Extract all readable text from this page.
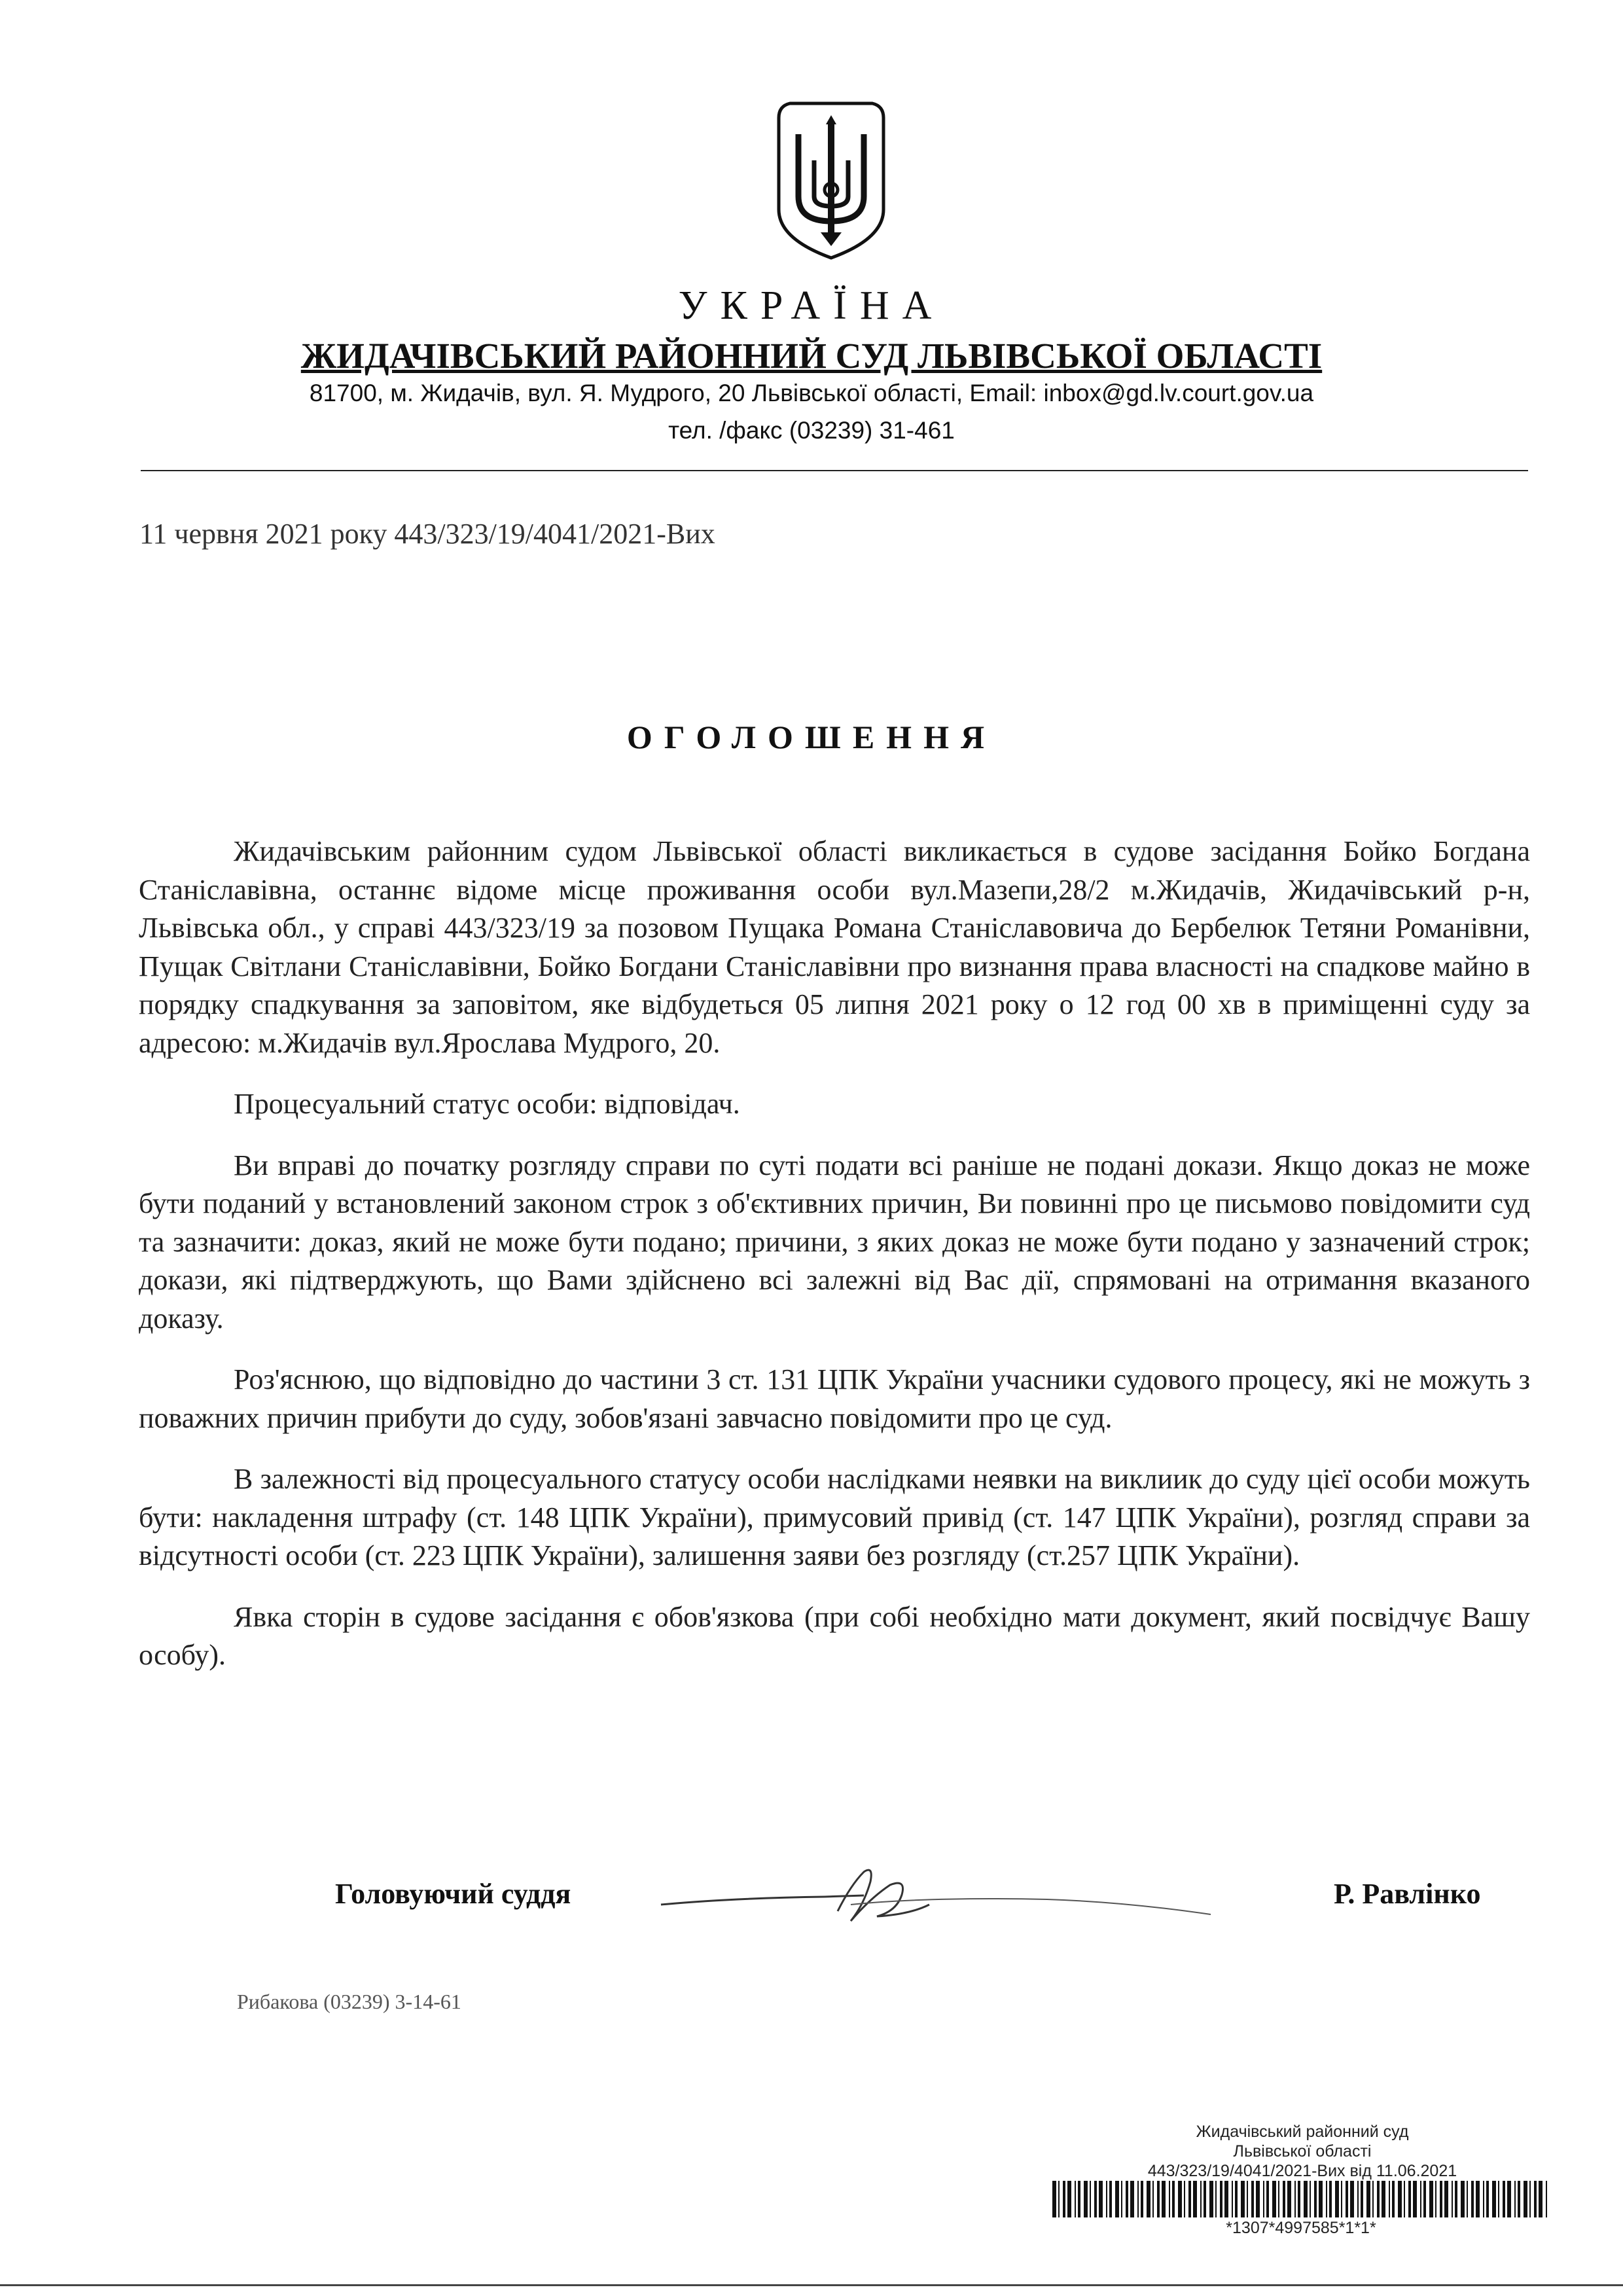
УКРАЇНА
ЖИДАЧІВСЬКИЙ РАЙОННИЙ СУД ЛЬВІВСЬКОЇ ОБЛАСТІ
81700, м. Жидачів, вул. Я. Мудрого, 20 Львівської області, Email: inbox@gd.lv.court.gov.ua
тел. /факс (03239) 31-461
11 червня 2021 року 443/323/19/4041/2021-Вих
ОГОЛОШЕННЯ

Жидачівським районним судом Львівської області викликається в судове засідання Бойко Богдана Станіславівна, останнє відоме місце проживання особи вул.Мазепи,28/2 м.Жидачів, Жидачівський р-н, Львівська обл., у справі 443/323/19 за позовом Пущака Романа Станіславовича до Бербелюк Тетяни Романівни, Пущак Світлани Станіславівни, Бойко Богдани Станіславівни про визнання права власності на спадкове майно в порядку спадкування за заповітом, яке відбудеться 05 липня 2021 року о 12 год 00 хв в приміщенні суду за адресою: м.Жидачів вул.Ярослава Мудрого, 20.

Процесуальний статус особи: відповідач.

Ви вправі до початку розгляду справи по суті подати всі раніше не подані докази. Якщо доказ не може бути поданий у встановлений законом строк з об'єктивних причин, Ви повинні про це письмово повідомити суд та зазначити: доказ, який не може бути подано; причини, з яких доказ не може бути подано у зазначений строк; докази, які підтверджують, що Вами здійснено всі залежні від Вас дії, спрямовані на отримання вказаного доказу.

Роз'яснюю, що відповідно до частини 3 ст. 131 ЦПК України учасники судового процесу, які не можуть з поважних причин прибути до суду, зобов'язані завчасно повідомити про це суд.

В залежності від процесуального статусу особи наслідками неявки на виклиик до суду цієї особи можуть бути: накладення штрафу (ст. 148 ЦПК України), примусовий привід (ст. 147 ЦПК України), розгляд справи за відсутності особи (ст. 223 ЦПК України), залишення заяви без розгляду (ст.257 ЦПК України).

Явка сторін в судове засідання є обов'язкова (при собі необхідно мати документ, який посвідчує Вашу особу).

Головуючий суддя	Р. Равлінко
Рибакова (03239) 3-14-61
Жидачівський районний суд
Львівської області
443/323/19/4041/2021-Вих від 11.06.2021
*1307*4997585*1*1*
